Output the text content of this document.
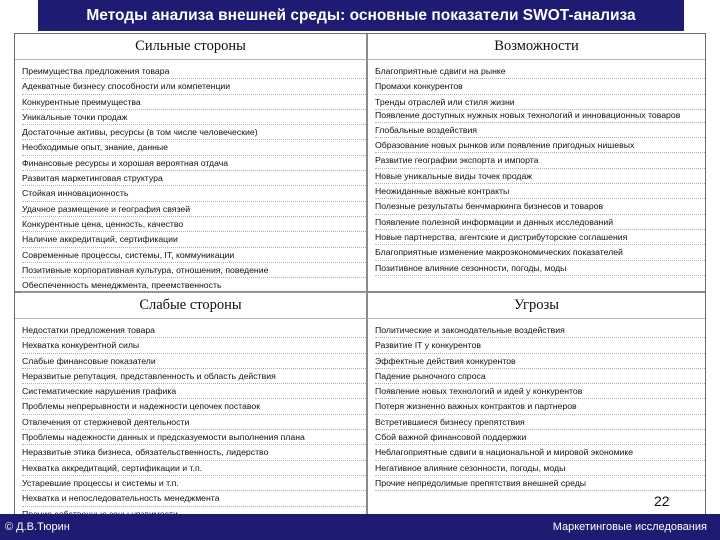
Методы анализа внешней среды: основные показатели SWOT-анализа
Сильные стороны	Возможности
Преимущества предложения товара
Адекватные бизнесу способности или компетенции
Конкурентные преимущества
Уникальные точки продаж
Достаточные активы, ресурсы (в том числе человеческие)
Необходимые опыт, знание, данные
Финансовые ресурсы и хорошая вероятная отдача
Развитая маркетинговая структура
Стойкая инновационность
Удачное размещение и география связей
Конкурентные цена, ценность, качество
Наличие аккредитаций, сертификации
Современные процессы, системы, IT, коммуникации
Позитивные корпоративная культура, отношения, поведение
Обеспеченность менеджмента, преемственность
Благоприятные сдвиги на рынке
Промахи конкурентов
Тренды отраслей или стиля жизни
Появление доступных нужных новых технологий и инновационных товаров
Глобальные воздействия
Образование новых рынков или появление пригодных нишевых
Развитие географии экспорта и импорта
Новые уникальные виды точек продаж
Неожиданные важные контракты
Полезные результаты бенчмаркинга бизнесов и товаров
Появление полезной информации и данных исследований
Новые партнерства, агентские и дистрибуторские соглашения
Благоприятные изменение макроэкономических показателей
Позитивное влияние сезонности, погоды, моды
Слабые стороны	Угрозы
Недостатки предложения товара
Нехватка конкурентной силы
Слабые финансовые показатели
Неразвитые репутация, представленность и область действия
Систематические нарушения графика
Проблемы непрерывности и надежности цепочек поставок
Отвлечения от стержневой деятельности
Проблемы надежности данных и предсказуемости выполнения плана
Неразвитые этика бизнеса, обязательственность, лидерство
Нехватка аккредитаций, сертификации и т.п.
Устаревшие процессы и системы и т.п.
Нехватка и непоследовательность менеджмента
Политические и законодательные воздействия
Развитие IT у конкурентов
Эффектные действия конкурентов
Падение рыночного спроса
Появление новых технологий и идей у конкурентов
Потеря жизненно важных контрактов и партнеров
Встретившиеся бизнесу препятствия
Сбой важной финансовой поддержки
Неблагоприятные сдвиги в национальной и мировой экономике
Негативное влияние сезонности, погоды, моды
Прочие непредолимые препятствия внешней среды
22
© Д.В.Тюрин	Маркетинговые исследования
